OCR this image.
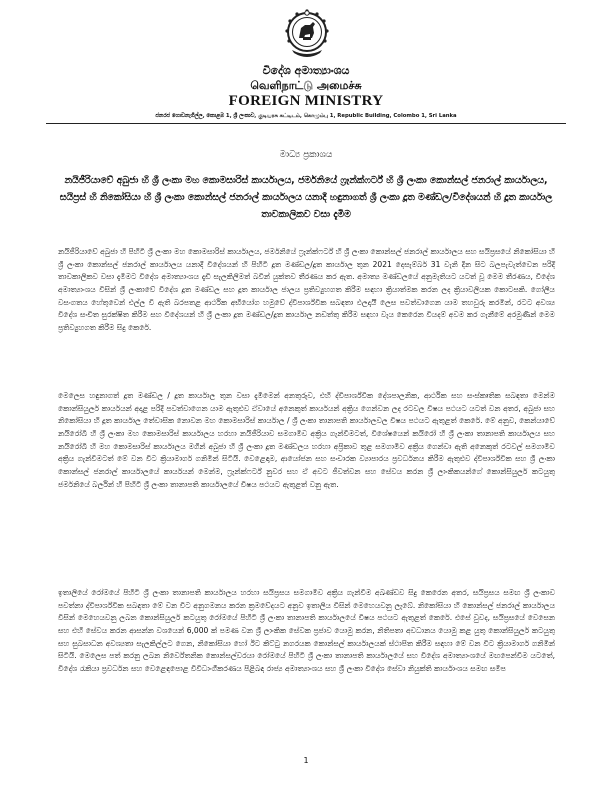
විදේශ අමාත්‍යාංශය
வெளிநாட்டு அமைச்சு
FOREIGN MINISTRY
ජනරජ ගොඩනැගිල්ල, කොළඹ 1, ශ්‍රී ලංකාව, குடியரசு கட்டிடம், கொழும்பு 1, Republic Building, Colombo 1, Sri Lanka
මාධ්‍ය ප්‍රකාශය
නයිජීරියාවේ අබුජා හි ශ්‍රී ලංකා මහ කොමසාරිස් කාර්යාලය, ජර්මනියේ ෆ්‍රෑන්ක්ෆර්ට් හි ශ්‍රී ලංකා කොන්සල් ජනරාල් කාර්යාලය, සයිප්‍රස් හි නිකෝසියා හි ශ්‍රී ලංකා කොන්සල් ජනරාල් කාර්යාලය යනාදී හඳුනාගත් ශ්‍රී ලංකා දූත මණ්ඩල/විදේශයන් හි දූත කාර්යාල තාවකාලිකව වසා දැමීම
නයිජීරියාවේ අබුජා හි පිහිටි ශ්‍රී ලංකා මහ කොමසාරිස් කාර්යාලය, ජර්මනියේ ෆ්‍රෑන්ක්ෆර්ට් හි ශ්‍රී ලංකා කොන්සල් ජනරාල් කාර්යාලය සහ සයිප්‍රසයේ නිකෝසියා හි ශ්‍රී ලංකා කොන්සල් ජනරාල් කාර්යාලය යනාදී විදේශයන් හි පිහිටි දූත මණ්ඩල/දූත කාර්යාල තුන 2021 දෙසැම්බර් 31 වැනි දින සිට බලපැවැත්වෙන පරිදි තාවකාලිකව වසා දැමීමට විදේශ අමාත්‍යාංශය දැඩි සැලකිලිමත් බවින් යුක්තව තීරණය කර ඇත. අමාත්‍ය මණ්ඩලයේ අනුමැතියට යටත් වූ මෙම තීරණය, විදේශ අමාත්‍යාංශය විසින් ශ්‍රී ලංකාවේ විදේශ දූත මණ්ඩල සහ දූත කාර්යාල ජාලය ප්‍රතිව්‍යුහගත කිරීම සඳහා ක්‍රියාත්මක කරන ලද ක්‍රියාවලියක කොටසකි. ගෝලීය වසංගතය හේතුවෙන් එල්ල වී ඇති බරපතළ ආර්ථික අභියෝග හමුවේ ද්විපාර්ශ්වික සබඳතා ඵලදායී ලෙස පවත්වාගෙන යාම තහවුරු කරමින්, රටට අවශ්‍ය විදේශ සංචිත සුරක්ෂිත කිරීම සහ විදේශයන් හි ශ්‍රී ලංකා දූත මණ්ඩල/දූත කාර්යාල නඩත්තු කිරීම සඳහා වැය කෙරෙන වියදම් අවම කර ගැනීමේ අරමුණින් මෙම ප්‍රතිව්‍යුහගත කිරීම සිදු කෙරේ.
මෙලෙස හඳුනාගත් දූත මණ්ඩල / දූත කාර්යාල තුන වසා දැමීමෙන් අනතුරුව, එහි ද්විපාර්ශ්වික දේශපාලනික, ආර්ථික සහ සංස්කෘතික සබඳතා මෙන්ම කොන්සියුලර් කාර්යයන් අදාළ පරිදි පවත්වාගෙන යාම ඇතුළුව ඒවායේ අනෙකුත් කාර්යයන් අක්‍රිය ගෙන්වන ලද රටවල විෂය පථයට යටත් වන අතර, අබුජා සහ නිකෝසියා හි දූත කාර්යාල තේවාසික නොවන මහ කොමසාරිස් කාර්යාල / ශ්‍රී ලංකා තානාපති කාර්යාලවල විෂය පථයට ඇතුළත් කෙරේ. මේ අනුව, කෙන්යාවේ නයිරෝබි හි ශ්‍රී ලංකා මහ කොමසාරිස් කාර්යාලය හරහා නයිජීරියාව සමගාමීව අක්‍රිය ගැන්වීමටත්, විශේෂයෙන් කයිරෝ හි ශ්‍රී ලංකා තානාපති කාර්යාලය සහ නයිරෝබි හි මහ කොමසාරිස් කාර්යාලය මගින් අබුජා හි ශ්‍රී ලංකා දූත මණ්ඩලය හරහා අප්‍රිකාව තුළ සමගාමීව අක්‍රිය ගෙන්වා ඇති අනෙකුත් රටවල් සමගාමීව අක්‍රිය ගැන්වීමටත් මේ වන විට ක්‍රියාමාර්ග ගනිමින් සිටියි. වෙළෙඳාම, ආයෝජන සහ සංචාරක ව්‍යාපාරය ප්‍රවර්ධනය කිරීම ඇතුළුව ද්විපාර්ශ්වික සහ ශ්‍රී ලංකා කොන්සල් ජනරාල් කාර්යාලයේ කාර්යයන් මෙන්ම, ෆ්‍රෑන්ක්ෆර්ට් නුවර සහ ඒ අවට ජීවත්වන සහ සේවය කරන ශ්‍රී ලාංකිකයන්ගේ කොන්සියුලර් කටයුතු ජර්මනියේ බර්ලින් හි පිහිටි ශ්‍රී ලංකා තානාපති කාර්යාලයේ විෂය පථයට ඇතුළත් වනු ඇත.
ඉතාලියේ රෝමයේ පිහිටි ශ්‍රී ලංකා තානාපති කාර්යාලය හරහා සයිප්‍රසය සමගාමීව අක්‍රිය ගැන්වීම අඛණ්ඩව සිදු කෙරෙන අතර, සයිප්‍රසය සමඟ ශ්‍රී ලංකාව පවත්නා ද්විපාර්ශ්වික සබඳතා මේ වන විට අනුගමනය කරන ක්‍රමවේදයට අනුව ඉතාලිය විසින් මෙහෙයවනු ලැබේ. නිකෝසියා හි කොන්සල් ජනරාල් කාර්යාලය විසින් මෙහෙයවනු ලබන කොන්සියුලර් කටයුතු රෝමයේ පිහිටි ශ්‍රී ලංකා තානාපති කාර්යාලයේ විෂය පථයට ඇතුළත් කෙරේ. එසේ වුවද, සයිප්‍රසයේ වෙසෙන සහ එහි සේවය කරන ආසන්න වශයෙන් 6,000 ක් පමණ වන ශ්‍රී ලාංකික සේවක ප්‍රජාව යොමු කරන, නිතිපතා අවධානය යොමු කළ යුතු කොන්සියුලර් කටයුතු සහ සුබසාධන අවශ්‍යතා සැලකිල්ලට ගෙන, නිකෝසියා හෝ ඊට කිට්ටු නගරයක කොන්සල් කාර්යාලයක් ස්ථාපිත කිරීම සඳහා මේ වන විට ක්‍රියාමාර්ග ගනිමින් සිටියි. මෙලෙස පත් කරනු ලබන නිර්වේතනික කොන්සල්වරයා රෝමයේ පිහිටි ශ්‍රී ලංකා තානාපති කාර්යාලයේ සහ විදේශ අමාත්‍යාංශයේ මඟපෙන්වීම යටතේ, විදේශ රැකියා ප්‍රවර්ධන සහ වෙළෙඳපොළ විවිධාංගීකරණය පිළිබඳ රාජ්‍ය අමාත්‍යාංශය සහ ශ්‍රී ලංකා විදේශ සේවා නියුක්ති කාර්යාංශය සමඟ සමීප
1
